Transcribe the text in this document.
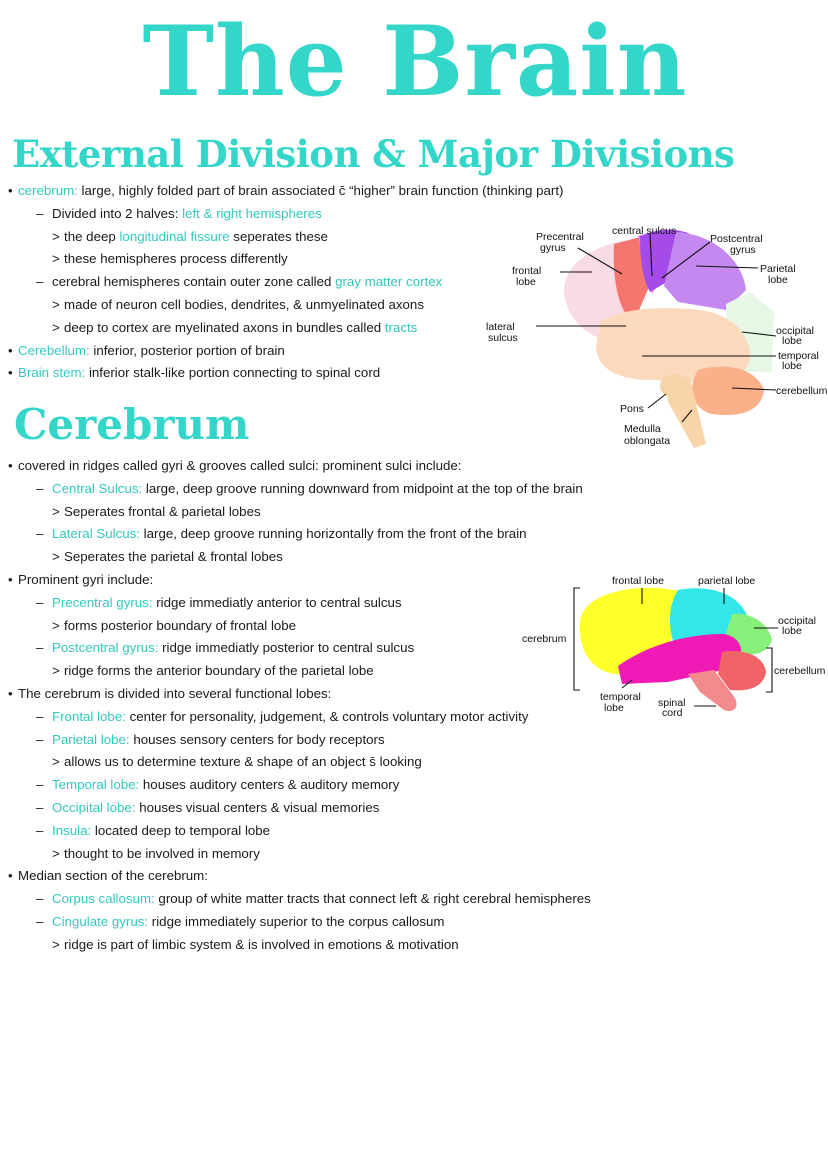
The Brain
External Division & Major Divisions
• cerebrum: large, highly folded part of brain associated c̄ “higher” brain function (thinking part)
– Divided into 2 halves: left & right hemispheres
> the deep longitudinal fissure seperates these
> these hemispheres process differently
– cerebral hemispheres contain outer zone called gray matter cortex
> made of neuron cell bodies, dendrites, & unmyelinated axons
> deep to cortex are myelinated axons in bundles called tracts
• Cerebellum: inferior, posterior portion of brain
• Brain stem: inferior stalk-like portion connecting to spinal cord
Precentral gyrus
central sulcus
Postcentral gyrus
frontal lobe
Parietal lobe
lateral sulcus
occipital lobe
temporal lobe
cerebellum
Pons
Medulla oblongata
Cerebrum
• covered in ridges called gyri & grooves called sulci: prominent sulci include:
– Central Sulcus: large, deep groove running downward from midpoint at the top of the brain
> Seperates frontal & parietal lobes
– Lateral Sulcus: large, deep groove running horizontally from the front of the brain
> Seperates the parietal & frontal lobes
• Prominent gyri include:
– Precentral gyrus: ridge immediatly anterior to central sulcus
> forms posterior boundary of frontal lobe
– Postcentral gyrus: ridge immediatly posterior to central sulcus
> ridge forms the anterior boundary of the parietal lobe
• The cerebrum is divided into several functional lobes:
– Frontal lobe: center for personality, judgement, & controls voluntary motor activity
– Parietal lobe: houses sensory centers for body receptors
> allows us to determine texture & shape of an object s̄ looking
– Temporal lobe: houses auditory centers & auditory memory
– Occipital lobe: houses visual centers & visual memories
– Insula: located deep to temporal lobe
> thought to be involved in memory
• Median section of the cerebrum:
– Corpus callosum: group of white matter tracts that connect left & right cerebral hemispheres
– Cingulate gyrus: ridge immediately superior to the corpus callosum
> ridge is part of limbic system & is involved in emotions & motivation
frontal lobe	parietal lobe
occipital lobe
cerebrum
cerebellum
temporal lobe	spinal cord
